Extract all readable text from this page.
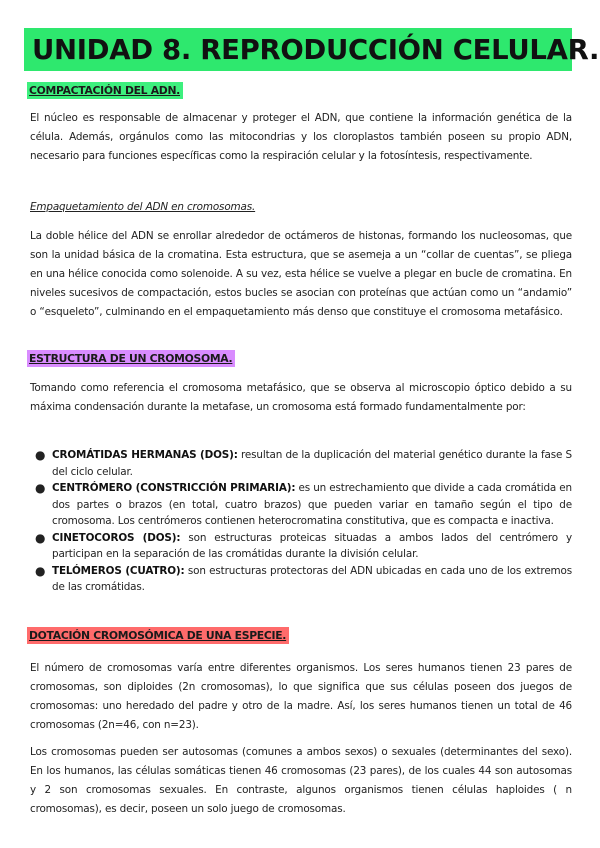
UNIDAD 8. REPRODUCCIÓN CELULAR.
COMPACTACIÓN DEL ADN.
El núcleo es responsable de almacenar y proteger el ADN, que contiene la información genética de la célula. Además, orgánulos como las mitocondrias y los cloroplastos también poseen su propio ADN, necesario para funciones específicas como la respiración celular y la fotosíntesis, respectivamente.
Empaquetamiento del ADN en cromosomas.
La doble hélice del ADN se enrollar alrededor de octámeros de histonas, formando los nucleosomas, que son la unidad básica de la cromatina. Esta estructura, que se asemeja a un “collar de cuentas”, se pliega en una hélice conocida como solenoide. A su vez, esta hélice se vuelve a plegar en bucle de cromatina. En niveles sucesivos de compactación, estos bucles se asocian con proteínas que actúan como un “andamio” o “esqueleto”, culminando en el empaquetamiento más denso que constituye el cromosoma metafásico.
ESTRUCTURA DE UN CROMOSOMA.
Tomando como referencia el cromosoma metafásico, que se observa al microscopio óptico debido a su máxima condensación durante la metafase, un cromosoma está formado fundamentalmente por:
● CROMÁTIDAS HERMANAS (DOS): resultan de la duplicación del material genético durante la fase S del ciclo celular.
● CENTRÓMERO (CONSTRICCIÓN PRIMARIA): es un estrechamiento que divide a cada cromátida en dos partes o brazos (en total, cuatro brazos) que pueden variar en tamaño según el tipo de cromosoma. Los centrómeros contienen heterocromatina constitutiva, que es compacta e inactiva.
● CINETOCOROS (DOS): son estructuras proteicas situadas a ambos lados del centrómero y participan en la separación de las cromátidas durante la división celular.
● TELÓMEROS (CUATRO): son estructuras protectoras del ADN ubicadas en cada uno de los extremos de las cromátidas.
DOTACIÓN CROMOSÓMICA DE UNA ESPECIE.
El número de cromosomas varía entre diferentes organismos. Los seres humanos tienen 23 pares de cromosomas, son diploides (2n cromosomas), lo que significa que sus células poseen dos juegos de cromosomas: uno heredado del padre y otro de la madre. Así, los seres humanos tienen un total de 46 cromosomas (2n=46, con n=23).
Los cromosomas pueden ser autosomas (comunes a ambos sexos) o sexuales (determinantes del sexo). En los humanos, las células somáticas tienen 46 cromosomas (23 pares), de los cuales 44 son autosomas y 2 son cromosomas sexuales. En contraste, algunos organismos tienen células haploides ( n cromosomas), es decir, poseen un solo juego de cromosomas.
